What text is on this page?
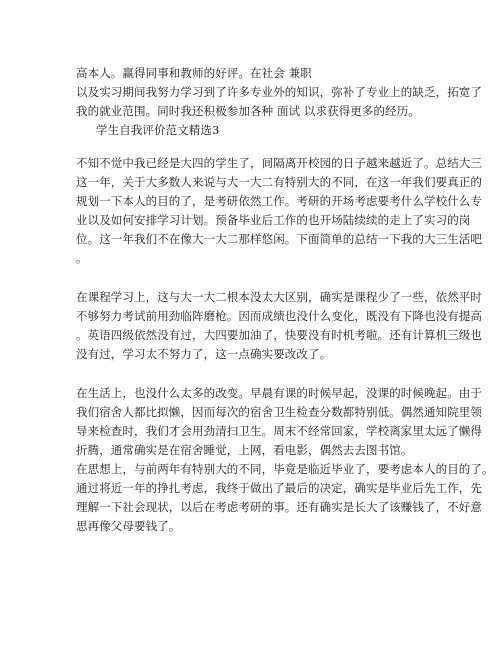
高本人。赢得同事和教师的好评。在社会 兼职
以及实习期间我努力学习到了许多专业外的知识，弥补了专业上的缺乏，拓宽了
我的就业范围。同时我还积极参加各种 面试 以求获得更多的经历。
学生自我评价范文精选3
不知不觉中我已经是大四的学生了，间隔离开校园的日子越来越近了。总结大三
这一年，关于大多数人来说与大一大二有特别大的不同，在这一年我们要真正的
规划一下本人的目的了，是考研依然工作。考研的开场考虑要考什么学校什么专
业以及如何安排学习计划。预备毕业后工作的也开场陆续续的走上了实习的岗
位。这一年我们不在像大一大二那样悠闲。下面简单的总结一下我的大三生活吧
。
在课程学习上，这与大一大二根本没太大区别，确实是课程少了一些，依然平时
不够努力考试前用劲临阵磨枪。因而成绩也没什么变化，既没有下降也没有提高
。英语四级依然没有过，大四要加油了，快要没有时机考啦。还有计算机三级也
没有过，学习太不努力了，这一点确实要改改了。
在生活上，也没什么太多的改变。早晨有课的时候早起，没课的时候晚起。由于
我们宿舍人都比拟懒，因而每次的宿舍卫生检查分数都特别低。偶然通知院里领
导来检查时，我们才会用劲清扫卫生。周末不经常回家，学校离家里太远了懒得
折腾，通常确实是在宿舍睡觉，上网，看电影，偶然去去图书馆。
在思想上，与前两年有特别大的不同，毕竟是临近毕业了，要考虑本人的目的了。
通过将近一年的挣扎考虑，我终于做出了最后的决定，确实是毕业后先工作，先
理解一下社会现状，以后在考虑考研的事。还有确实是长大了该赚钱了，不好意
思再像父母要钱了。
